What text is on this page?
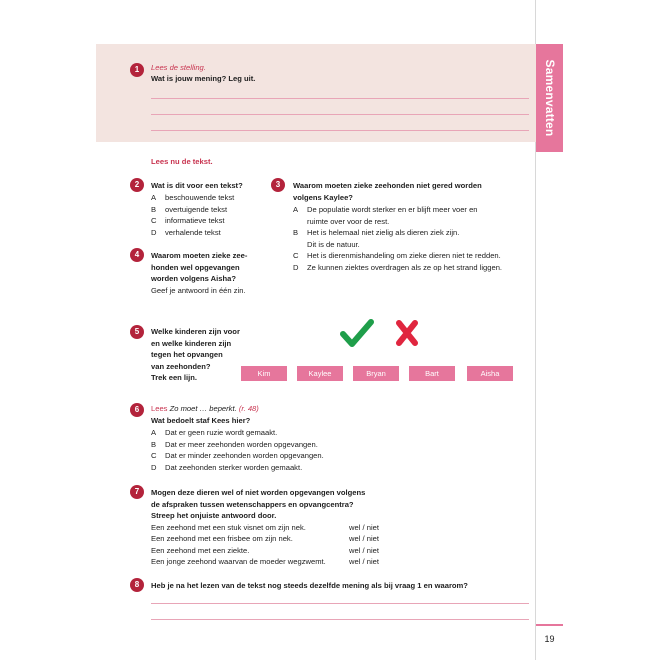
Samenvatten
1	Lees de stelling.
Wat is jouw mening? Leg uit.
Lees nu de tekst.
2	Wat is dit voor een tekst?
A beschouwende tekst
B overtuigende tekst
C informatieve tekst
D verhalende tekst
3	Waarom moeten zieke zeehonden niet gered worden
volgens Kaylee?
A De populatie wordt sterker en er blijft meer voer en
ruimte over voor de rest.
B Het is helemaal niet zielig als dieren ziek zijn.
Dit is de natuur.
C Het is dierenmishandeling om zieke dieren niet te redden.
D Ze kunnen ziektes overdragen als ze op het strand liggen.
4	Waarom moeten zieke zee-
honden wel opgevangen
worden volgens Aisha?
Geef je antwoord in één zin.
5	Welke kinderen zijn voor
en welke kinderen zijn
tegen het opvangen
van zeehonden?
Trek een lijn.	Kim	Kaylee	Bryan	Bart	Aisha
6	Lees Zo moet … beperkt. (r. 48)
Wat bedoelt staf Kees hier?
A Dat er geen ruzie wordt gemaakt.
B Dat er meer zeehonden worden opgevangen.
C Dat er minder zeehonden worden opgevangen.
D Dat zeehonden sterker worden gemaakt.
7	Mogen deze dieren wel of niet worden opgevangen volgens
de afspraken tussen wetenschappers en opvangcentra?
Streep het onjuiste antwoord door.
Een zeehond met een stuk visnet om zijn nek.	wel / niet
Een zeehond met een frisbee om zijn nek.	wel / niet
Een zeehond met een ziekte.	wel / niet
Een jonge zeehond waarvan de moeder wegzwemt.	wel / niet
8	Heb je na het lezen van de tekst nog steeds dezelfde mening als bij vraag 1 en waarom?
19
